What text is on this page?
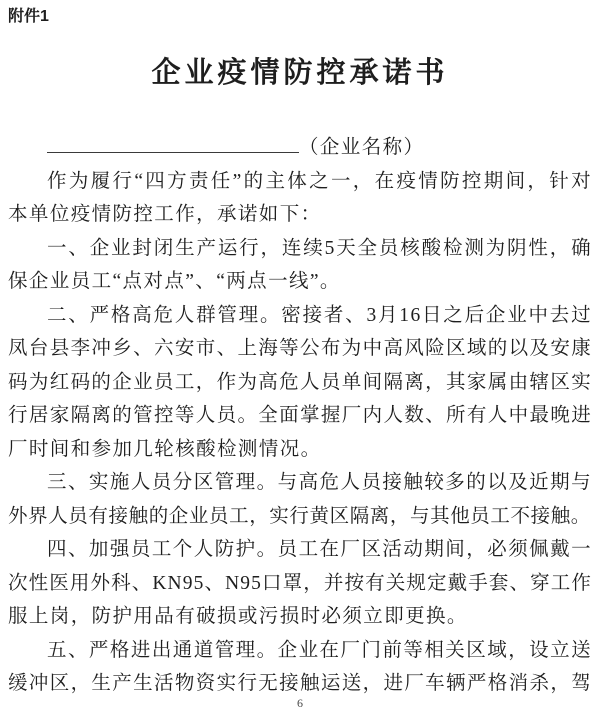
附件1
企业疫情防控承诺书
（企业名称）
作为履行“四方责任”的主体之一，在疫情防控期间，针对
本单位疫情防控工作，承诺如下：
一、企业封闭生产运行，连续5天全员核酸检测为阴性，确
保企业员工“点对点”、“两点一线”。
二、严格高危人群管理。密接者、3月16日之后企业中去过
凤台县李冲乡、六安市、上海等公布为中高风险区域的以及安康
码为红码的企业员工，作为高危人员单间隔离，其家属由辖区实
行居家隔离的管控等人员。全面掌握厂内人数、所有人中最晚进
厂时间和参加几轮核酸检测情况。
三、实施人员分区管理。与高危人员接触较多的以及近期与
外界人员有接触的企业员工，实行黄区隔离，与其他员工不接触。
四、加强员工个人防护。员工在厂区活动期间，必须佩戴一
次性医用外科、KN95、N95口罩，并按有关规定戴手套、穿工作
服上岗，防护用品有破损或污损时必须立即更换。
五、严格进出通道管理。企业在厂门前等相关区域，设立送
缓冲区，生产生活物资实行无接触运送，进厂车辆严格消杀，驾
6
